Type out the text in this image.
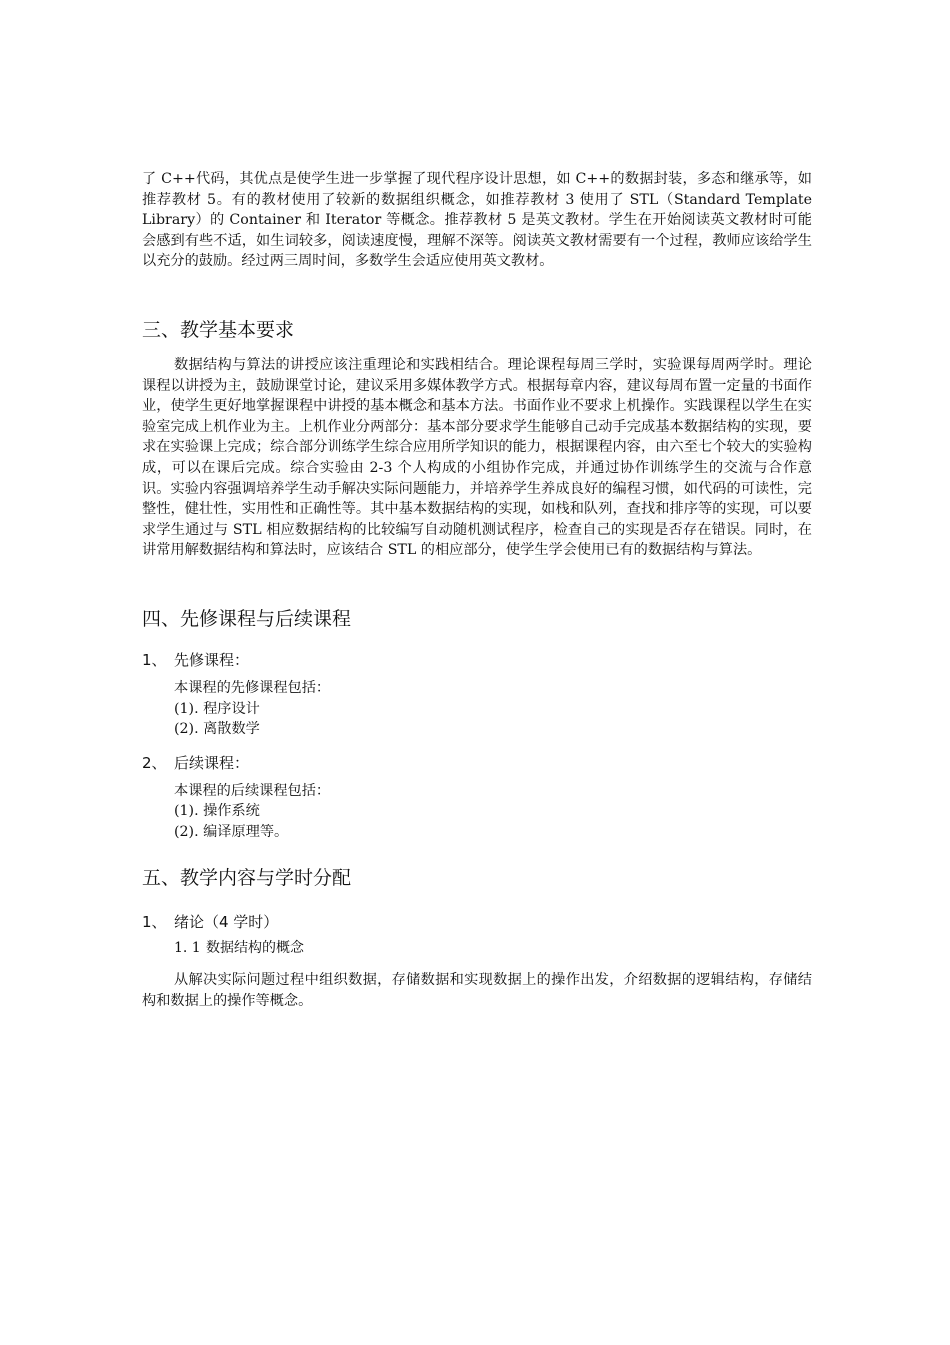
了 C++代码，其优点是使学生进一步掌握了现代程序设计思想，如 C++的数据封装，多态和继承等，如推荐教材 5。有的教材使用了较新的数据组织概念，如推荐教材 3 使用了 STL（Standard Template Library）的 Container 和 Iterator 等概念。推荐教材 5 是英文教材。学生在开始阅读英文教材时可能会感到有些不适，如生词较多，阅读速度慢，理解不深等。阅读英文教材需要有一个过程，教师应该给学生以充分的鼓励。经过两三周时间，多数学生会适应使用英文教材。

三、教学基本要求

数据结构与算法的讲授应该注重理论和实践相结合。理论课程每周三学时，实验课每周两学时。理论课程以讲授为主，鼓励课堂讨论，建议采用多媒体教学方式。根据每章内容，建议每周布置一定量的书面作业，使学生更好地掌握课程中讲授的基本概念和基本方法。书面作业不要求上机操作。实践课程以学生在实验室完成上机作业为主。上机作业分两部分：基本部分要求学生能够自己动手完成基本数据结构的实现，要求在实验课上完成；综合部分训练学生综合应用所学知识的能力，根据课程内容，由六至七个较大的实验构成，可以在课后完成。综合实验由 2-3 个人构成的小组协作完成，并通过协作训练学生的交流与合作意识。实验内容强调培养学生动手解决实际问题能力，并培养学生养成良好的编程习惯，如代码的可读性，完整性，健壮性，实用性和正确性等。其中基本数据结构的实现，如栈和队列，查找和排序等的实现，可以要求学生通过与 STL 相应数据结构的比较编写自动随机测试程序，检查自己的实现是否存在错误。同时，在讲常用解数据结构和算法时，应该结合 STL 的相应部分，使学生学会使用已有的数据结构与算法。

四、先修课程与后续课程
1、 先修课程：
本课程的先修课程包括：
(1). 程序设计
(2). 离散数学
2、 后续课程：
本课程的后续课程包括：
(1). 操作系统
(2). 编译原理等。
五、教学内容与学时分配
1、 绪论（4 学时）
1. 1 数据结构的概念

从解决实际问题过程中组织数据，存储数据和实现数据上的操作出发，介绍数据的逻辑结构，存储结构和数据上的操作等概念。
